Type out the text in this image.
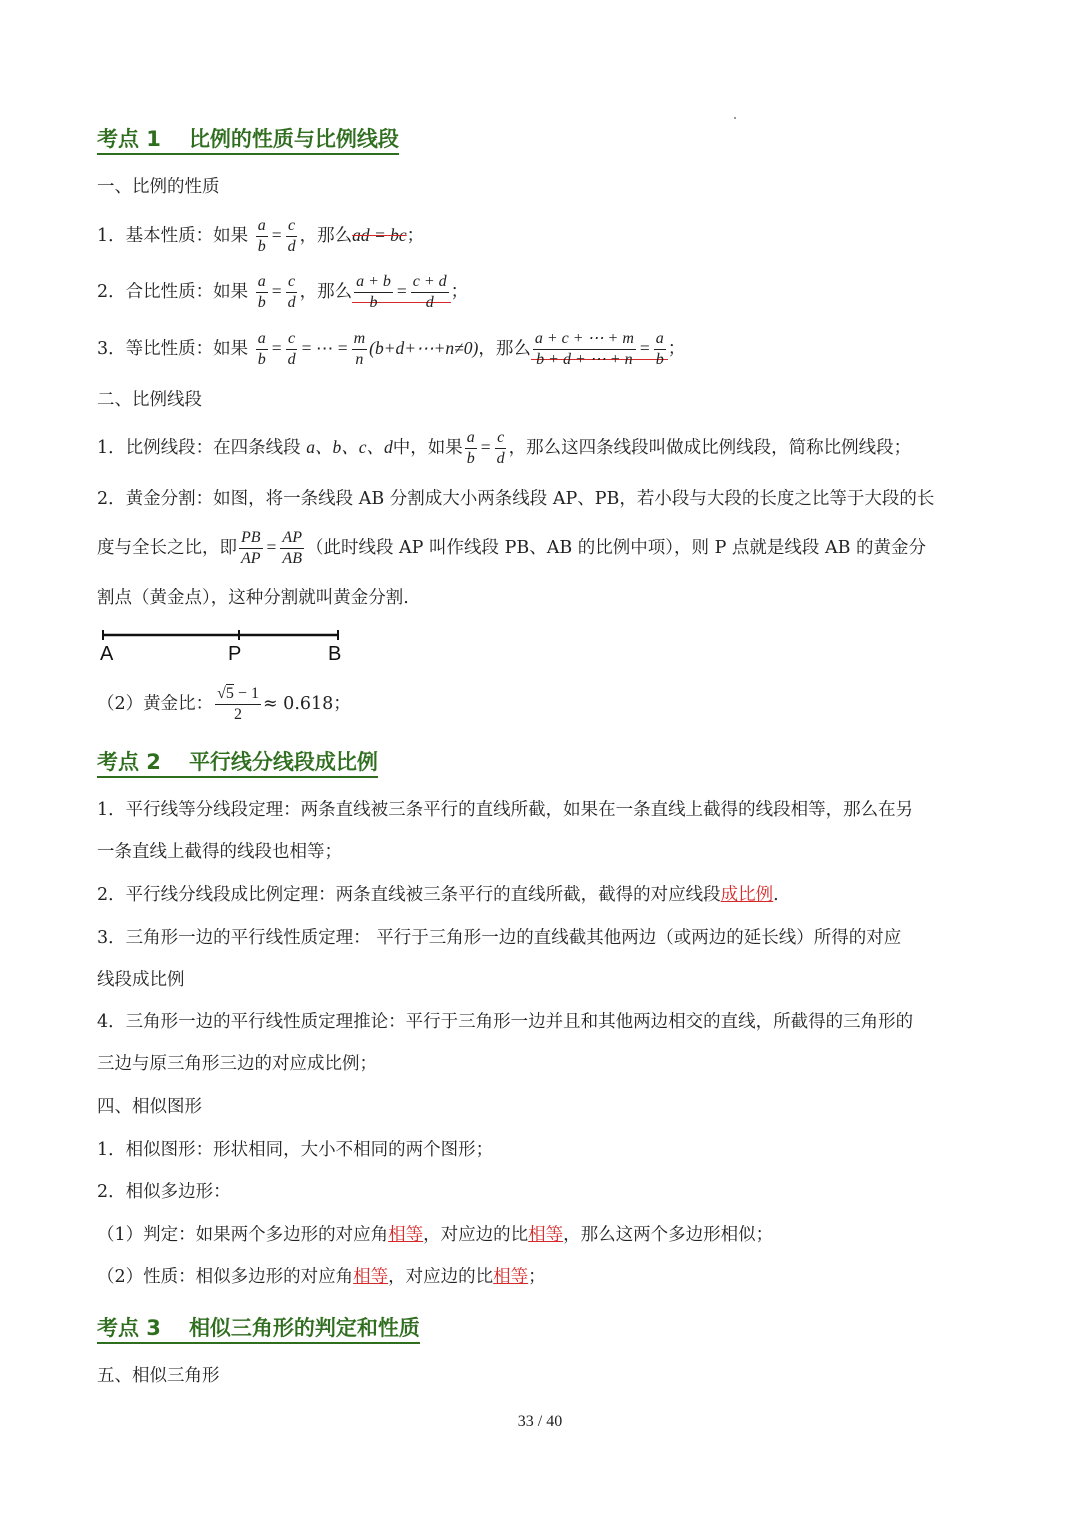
考点 1 比例的性质与比例线段
一、比例的性质
1．基本性质：如果 $\frac{a}{b} = \frac{c}{d}$ ，那么ad = bc；
2．合比性质：如果 $\frac{a}{b} = \frac{c}{d}$ ，那么 $\frac{a + b}{b} = \frac{c + d}{d}$ ；
3．等比性质：如果 $\frac{a}{b} = \frac{c}{d}$ = ⋯ = $\frac{m}{n}$ (b+d+⋯+n≠0)，那么 $\frac{a + c + \cdots + m}{b + d + \cdots + n} = \frac{a}{b}$ ；
二、比例线段
1．比例线段：在四条线段 a、b、c、d中，如果 $\frac{a}{b} = \frac{c}{d}$ ，那么这四条线段叫做成比例线段，简称比例线段；
2．黄金分割：如图，将一条线段 AB 分割成大小两条线段 AP、PB，若小段与大段的长度之比等于大段的长
度与全长之比，即 $\frac{PB}{AP} = \frac{AP}{AB}$ （此时线段 AP 叫作线段 PB、AB 的比例中项），则 P 点就是线段 AB 的黄金分
割点（黄金点），这种分割就叫黄金分割.
A	P	B
（2）黄金比： $\frac{√5 - 1}{2} \approx 0.618$；
考点 2 平行线分线段成比例
1．平行线等分线段定理：两条直线被三条平行的直线所截，如果在一条直线上截得的线段相等，那么在另
一条直线上截得的线段也相等；
2．平行线分线段成比例定理：两条直线被三条平行的直线所截，截得的对应线段成比例.
3．三角形一边的平行线性质定理： 平行于三角形一边的直线截其他两边（或两边的延长线）所得的对应
线段成比例
4．三角形一边的平行线性质定理推论：平行于三角形一边并且和其他两边相交的直线，所截得的三角形的
三边与原三角形三边的对应成比例；
四、相似图形
1．相似图形：形状相同，大小不相同的两个图形；
2．相似多边形：
（1）判定：如果两个多边形的对应角相等，对应边的比相等，那么这两个多边形相似；
（2）性质：相似多边形的对应角相等，对应边的比相等；
考点 3 相似三角形的判定和性质
五、相似三角形
33 / 40
